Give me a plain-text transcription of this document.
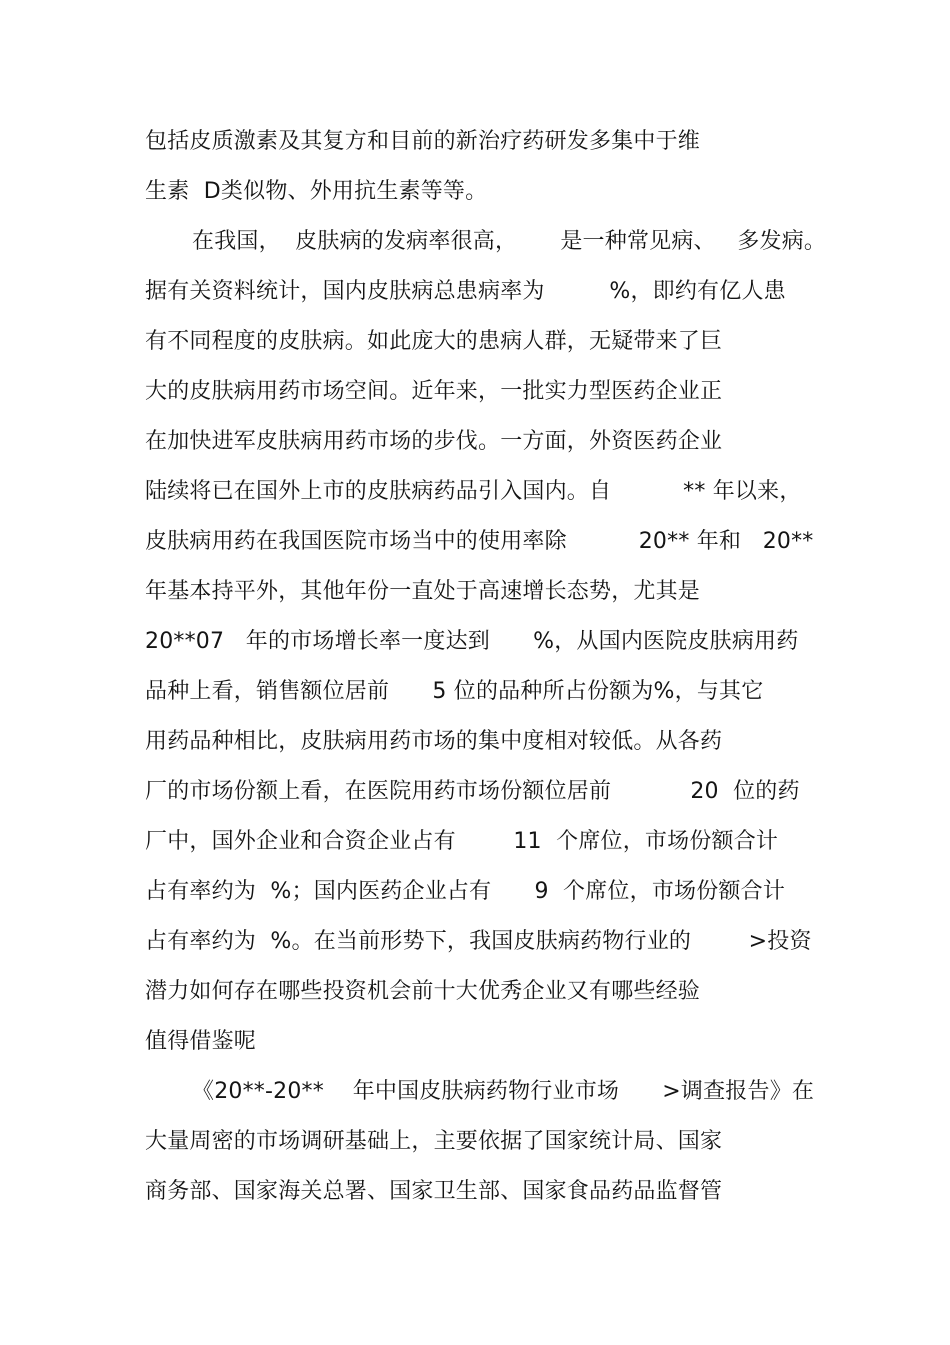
包括皮质激素及其复方和目前的新治疗药研发多集中于维
生素  D类似物、外用抗生素等等。
在我国，  皮肤病的发病率很高，      是一种常见病、   多发病。
据有关资料统计，国内皮肤病总患病率为         %，即约有亿人患
有不同程度的皮肤病。如此庞大的患病人群，无疑带来了巨
大的皮肤病用药市场空间。近年来，一批实力型医药企业正
在加快进军皮肤病用药市场的步伐。一方面，外资医药企业
陆续将已在国外上市的皮肤病药品引入国内。自          ** 年以来，
皮肤病用药在我国医院市场当中的使用率除          20** 年和   20**
年基本持平外，其他年份一直处于高速增长态势，尤其是
20**07   年的市场增长率一度达到      %，从国内医院皮肤病用药
品种上看，销售额位居前      5 位的品种所占份额为%，与其它
用药品种相比，皮肤病用药市场的集中度相对较低。从各药
厂的市场份额上看，在医院用药市场份额位居前           20  位的药
厂中，国外企业和合资企业占有        11  个席位，市场份额合计
占有率约为  %；国内医药企业占有      9  个席位，市场份额合计
占有率约为  %。在当前形势下，我国皮肤病药物行业的        >投资
潜力如何存在哪些投资机会前十大优秀企业又有哪些经验
值得借鉴呢
《20**-20**    年中国皮肤病药物行业市场      >调查报告》在
大量周密的市场调研基础上，主要依据了国家统计局、国家
商务部、国家海关总署、国家卫生部、国家食品药品监督管
